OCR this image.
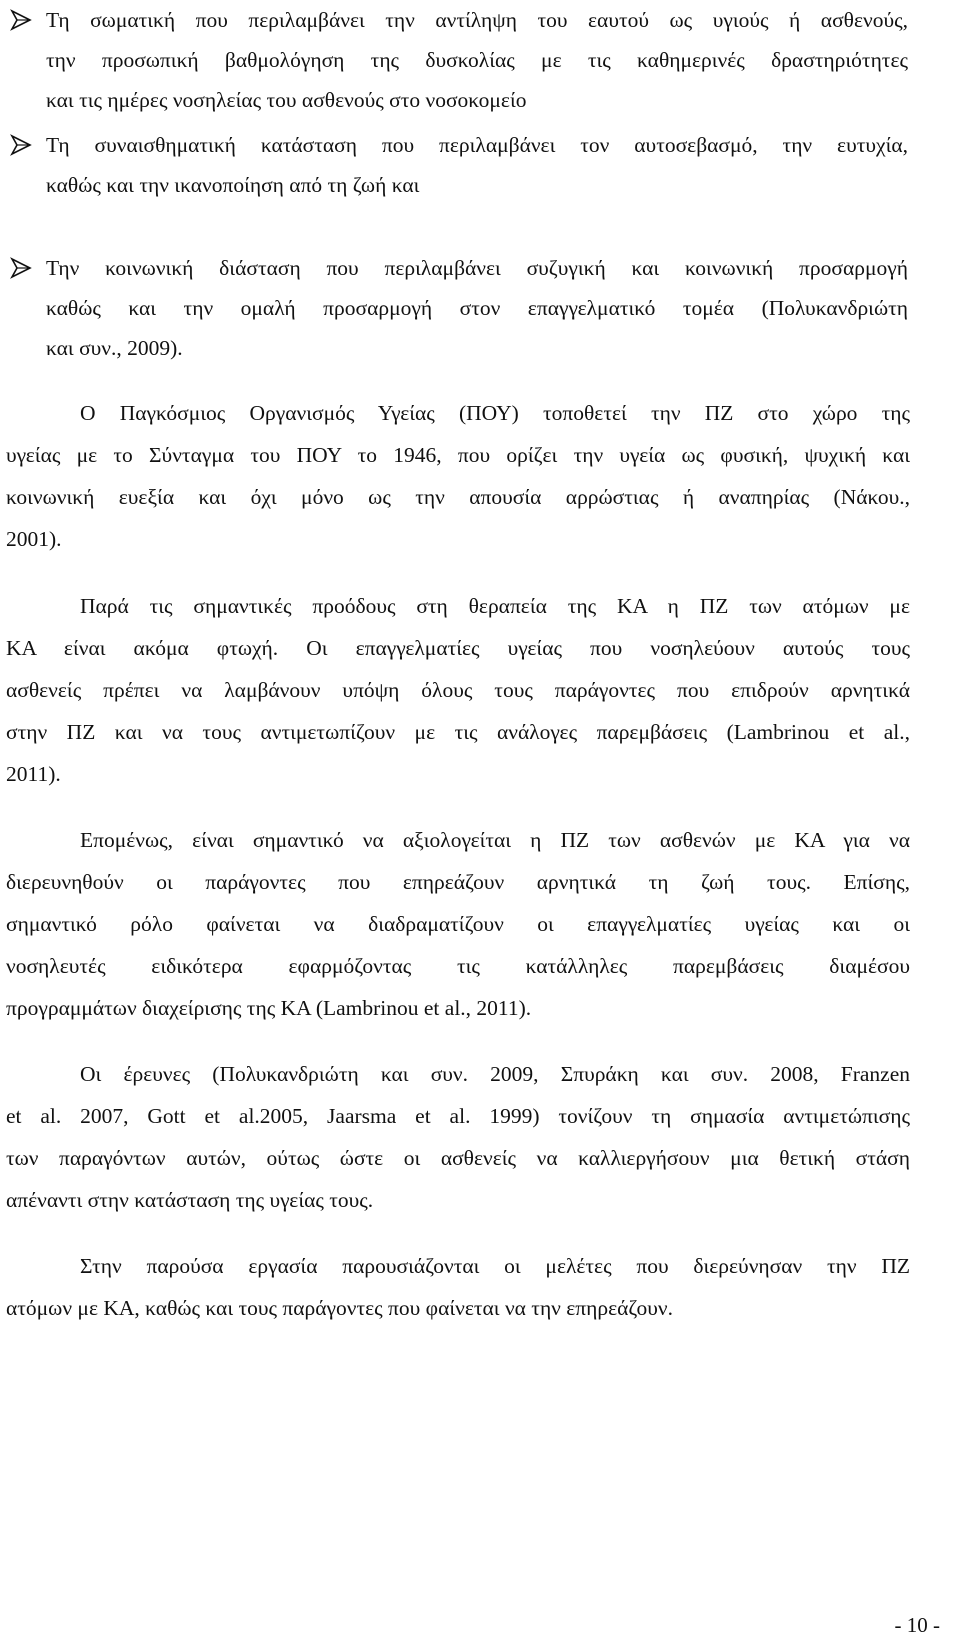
Τη σωματική που περιλαμβάνει την αντίληψη του εαυτού ως υγιούς ή ασθενούς,
την προσωπική βαθμολόγηση της δυσκολίας με τις καθημερινές δραστηριότητες
και τις ημέρες νοσηλείας του ασθενούς στο νοσοκομείο
Τη συναισθηματική κατάσταση που περιλαμβάνει τον αυτοσεβασμό, την ευτυχία,
καθώς και την ικανοποίηση από τη ζωή και
Την κοινωνική διάσταση που περιλαμβάνει συζυγική και κοινωνική προσαρμογή
καθώς και την ομαλή προσαρμογή στον επαγγελματικό τομέα (Πολυκανδριώτη
και συν., 2009).
Ο Παγκόσμιος Οργανισμός Υγείας (ΠΟΥ) τοποθετεί την ΠΖ στο χώρο της
υγείας με το Σύνταγμα του ΠΟΥ το 1946, που ορίζει την υγεία ως φυσική, ψυχική και
κοινωνική ευεξία και όχι μόνο ως την απουσία αρρώστιας ή αναπηρίας (Νάκου.,
2001).
Παρά τις σημαντικές προόδους στη θεραπεία της ΚΑ η ΠΖ των ατόμων με
ΚΑ είναι ακόμα φτωχή. Οι επαγγελματίες υγείας που νοσηλεύουν αυτούς τους
ασθενείς πρέπει να λαμβάνουν υπόψη όλους τους παράγοντες που επιδρούν αρνητικά
στην ΠΖ και να τους αντιμετωπίζουν με τις ανάλογες παρεμβάσεις (Lambrinou et al.,
2011).
Επομένως, είναι σημαντικό να αξιολογείται η ΠΖ των ασθενών με ΚΑ για να
διερευνηθούν οι παράγοντες που επηρεάζουν αρνητικά τη ζωή τους. Επίσης,
σημαντικό ρόλο φαίνεται να διαδραματίζουν οι επαγγελματίες υγείας και οι
νοσηλευτές ειδικότερα εφαρμόζοντας τις κατάλληλες παρεμβάσεις διαμέσου
προγραμμάτων διαχείρισης της ΚΑ (Lambrinou et al., 2011).
Οι έρευνες (Πολυκανδριώτη και συν. 2009, Σπυράκη και συν. 2008, Franzen
et al. 2007, Gott et al.2005, Jaarsma et al. 1999) τονίζουν τη σημασία αντιμετώπισης
των παραγόντων αυτών, ούτως ώστε οι ασθενείς να καλλιεργήσουν μια θετική στάση
απέναντι στην κατάσταση της υγείας τους.
Στην παρούσα εργασία παρουσιάζονται οι μελέτες που διερεύνησαν την ΠΖ
ατόμων με ΚΑ, καθώς και τους παράγοντες που φαίνεται να την επηρεάζουν.
- 10 -
